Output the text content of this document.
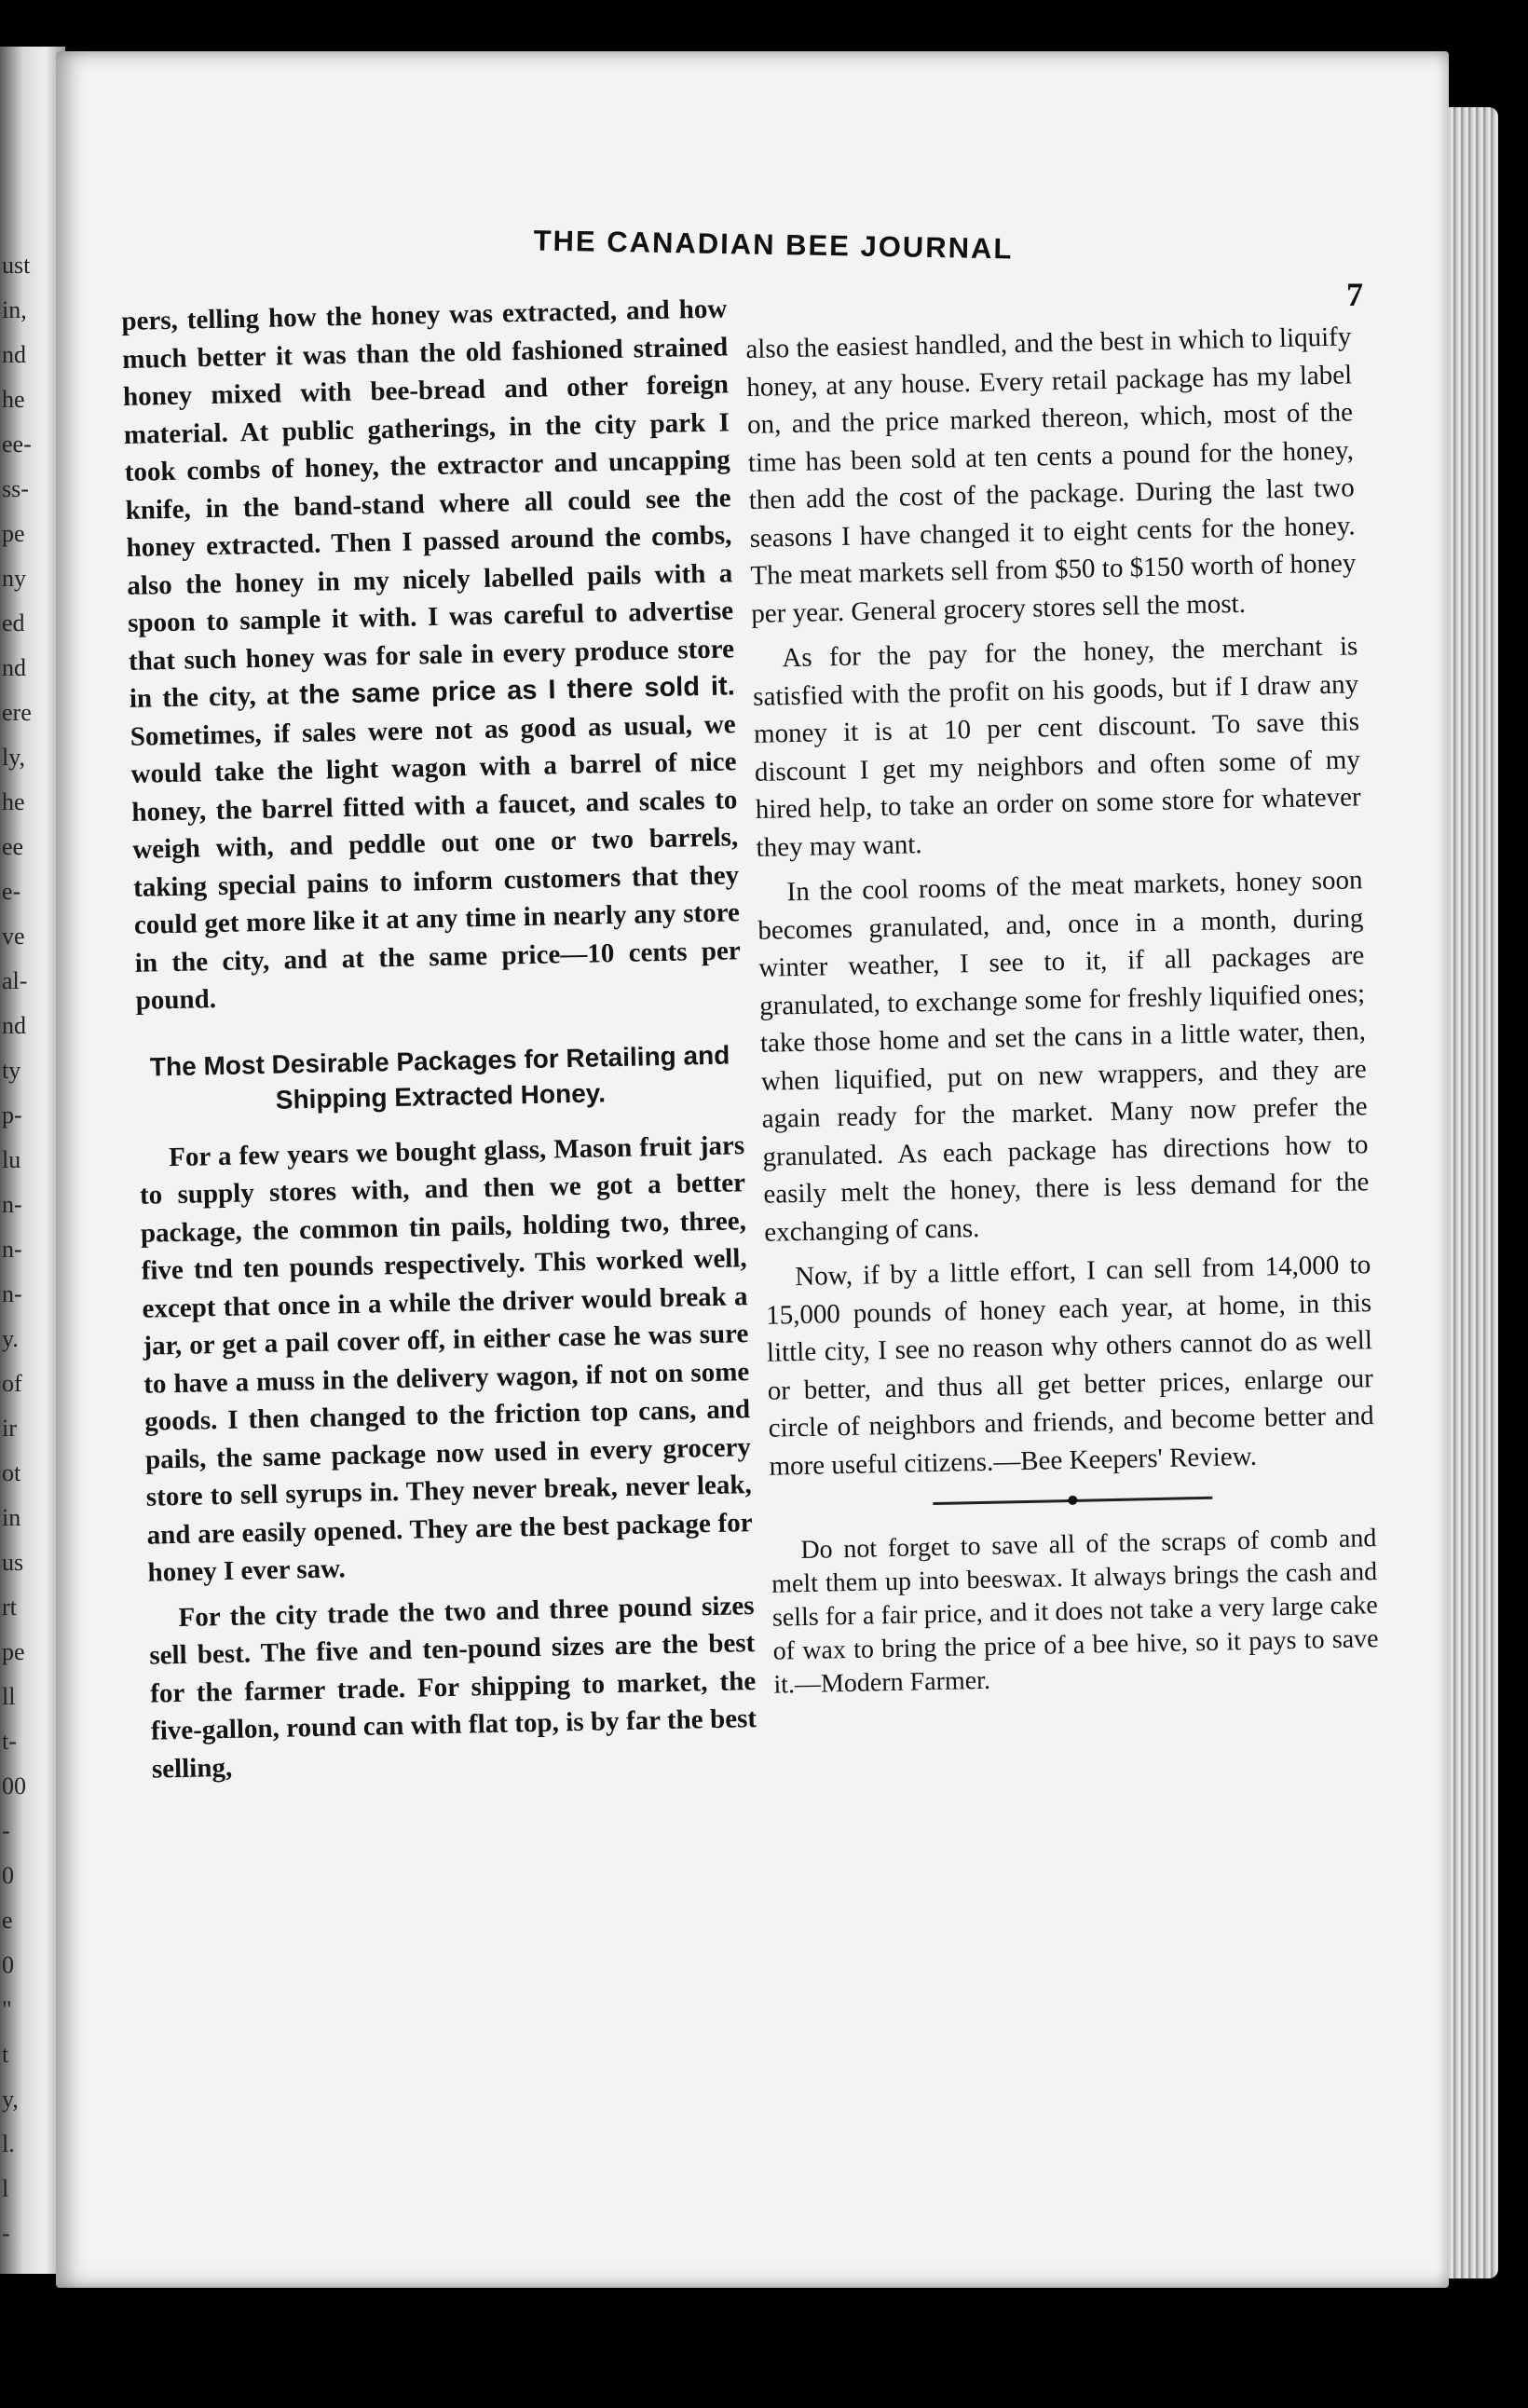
ust
in,
nd
he
ee-
ss-
pe
ny
ed
nd
ere
ly,
he
ee
e-
ve
al-
nd
ty
p-
lu
n-
n-
n-
y.
of
ir
ot
in
us
rt
pe
ll
t-
00
-
0
e
0
"
t
y,
l.
l
-
THE CANADIAN BEE JOURNAL
7

pers, telling how the honey was extracted, and how much better it was than the old fashioned strained honey mixed with bee-bread and other foreign material. At public gatherings, in the city park I took combs of honey, the extractor and uncapping knife, in the band-stand where all could see the honey extracted. Then I passed around the combs, also the honey in my nicely labelled pails with a spoon to sample it with. I was careful to advertise that such honey was for sale in every produce store in the city, at the same price as I there sold it. Sometimes, if sales were not as good as usual, we would take the light wagon with a barrel of nice honey, the barrel fitted with a faucet, and scales to weigh with, and peddle out one or two barrels, taking special pains to inform customers that they could get more like it at any time in nearly any store in the city, and at the same price—10 cents per pound.

The Most Desirable Packages for Retailing and Shipping Extracted Honey.

For a few years we bought glass, Mason fruit jars to supply stores with, and then we got a better package, the common tin pails, holding two, three, five tnd ten pounds respectively. This worked well, except that once in a while the driver would break a jar, or get a pail cover off, in either case he was sure to have a muss in the delivery wagon, if not on some goods. I then changed to the friction top cans, and pails, the same package now used in every grocery store to sell syrups in. They never break, never leak, and are easily opened. They are the best package for honey I ever saw.

For the city trade the two and three pound sizes sell best. The five and ten-pound sizes are the best for the farmer trade. For shipping to market, the five-gallon, round can with flat top, is by far the best selling,

also the easiest handled, and the best in which to liquify honey, at any house. Every retail package has my label on, and the price marked thereon, which, most of the time has been sold at ten cents a pound for the honey, then add the cost of the package. During the last two seasons I have changed it to eight cents for the honey. The meat markets sell from $50 to $150 worth of honey per year. General grocery stores sell the most.

As for the pay for the honey, the merchant is satisfied with the profit on his goods, but if I draw any money it is at 10 per cent discount. To save this discount I get my neighbors and often some of my hired help, to take an order on some store for whatever they may want.

In the cool rooms of the meat markets, honey soon becomes granulated, and, once in a month, during winter weather, I see to it, if all packages are granulated, to exchange some for freshly liquified ones; take those home and set the cans in a little water, then, when liquified, put on new wrappers, and they are again ready for the market. Many now prefer the granulated. As each package has directions how to easily melt the honey, there is less demand for the exchanging of cans.

Now, if by a little effort, I can sell from 14,000 to 15,000 pounds of honey each year, at home, in this little city, I see no reason why others cannot do as well or better, and thus all get better prices, enlarge our circle of neighbors and friends, and become better and more useful citizens.—Bee Keepers' Review.

Do not forget to save all of the scraps of comb and melt them up into beeswax. It always brings the cash and sells for a fair price, and it does not take a very large cake of wax to bring the price of a bee hive, so it pays to save it.—Modern Farmer.
